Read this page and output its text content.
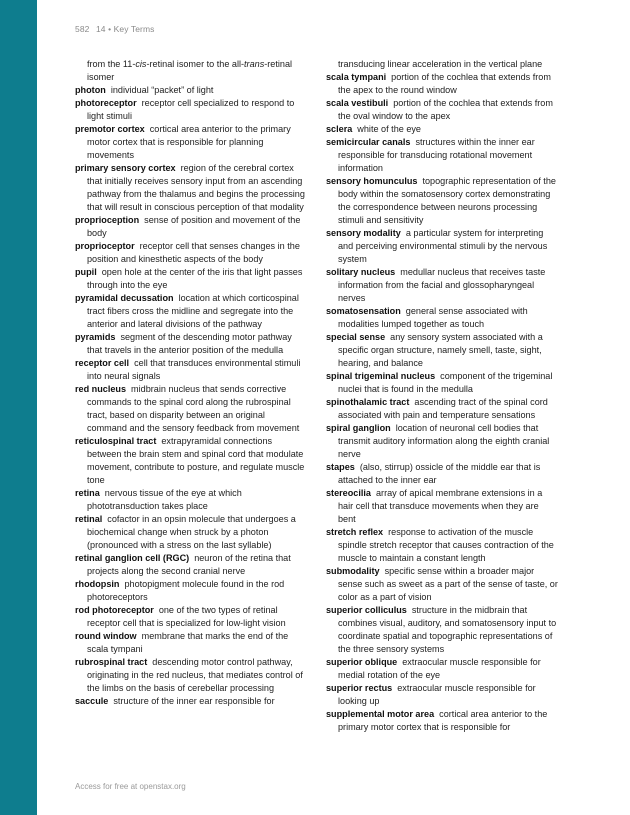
582 14 • Key Terms
from the 11-cis-retinal isomer to the all-trans-retinal isomer
photon individual “packet” of light
photoreceptor receptor cell specialized to respond to light stimuli
premotor cortex cortical area anterior to the primary motor cortex that is responsible for planning movements
primary sensory cortex region of the cerebral cortex that initially receives sensory input from an ascending pathway from the thalamus and begins the processing that will result in conscious perception of that modality
proprioception sense of position and movement of the body
proprioceptor receptor cell that senses changes in the position and kinesthetic aspects of the body
pupil open hole at the center of the iris that light passes through into the eye
pyramidal decussation location at which corticospinal tract fibers cross the midline and segregate into the anterior and lateral divisions of the pathway
pyramids segment of the descending motor pathway that travels in the anterior position of the medulla
receptor cell cell that transduces environmental stimuli into neural signals
red nucleus midbrain nucleus that sends corrective commands to the spinal cord along the rubrospinal tract, based on disparity between an original command and the sensory feedback from movement
reticulospinal tract extrapyramidal connections between the brain stem and spinal cord that modulate movement, contribute to posture, and regulate muscle tone
retina nervous tissue of the eye at which phototransduction takes place
retinal cofactor in an opsin molecule that undergoes a biochemical change when struck by a photon (pronounced with a stress on the last syllable)
retinal ganglion cell (RGC) neuron of the retina that projects along the second cranial nerve
rhodopsin photopigment molecule found in the rod photoreceptors
rod photoreceptor one of the two types of retinal receptor cell that is specialized for low-light vision
round window membrane that marks the end of the scala tympani
rubrospinal tract descending motor control pathway, originating in the red nucleus, that mediates control of the limbs on the basis of cerebellar processing
saccule structure of the inner ear responsible for
transducing linear acceleration in the vertical plane
scala tympani portion of the cochlea that extends from the apex to the round window
scala vestibuli portion of the cochlea that extends from the oval window to the apex
sclera white of the eye
semicircular canals structures within the inner ear responsible for transducing rotational movement information
sensory homunculus topographic representation of the body within the somatosensory cortex demonstrating the correspondence between neurons processing stimuli and sensitivity
sensory modality a particular system for interpreting and perceiving environmental stimuli by the nervous system
solitary nucleus medullar nucleus that receives taste information from the facial and glossopharyngeal nerves
somatosensation general sense associated with modalities lumped together as touch
special sense any sensory system associated with a specific organ structure, namely smell, taste, sight, hearing, and balance
spinal trigeminal nucleus component of the trigeminal nuclei that is found in the medulla
spinothalamic tract ascending tract of the spinal cord associated with pain and temperature sensations
spiral ganglion location of neuronal cell bodies that transmit auditory information along the eighth cranial nerve
stapes (also, stirrup) ossicle of the middle ear that is attached to the inner ear
stereocilia array of apical membrane extensions in a hair cell that transduce movements when they are bent
stretch reflex response to activation of the muscle spindle stretch receptor that causes contraction of the muscle to maintain a constant length
submodality specific sense within a broader major sense such as sweet as a part of the sense of taste, or color as a part of vision
superior colliculus structure in the midbrain that combines visual, auditory, and somatosensory input to coordinate spatial and topographic representations of the three sensory systems
superior oblique extraocular muscle responsible for medial rotation of the eye
superior rectus extraocular muscle responsible for looking up
supplemental motor area cortical area anterior to the primary motor cortex that is responsible for
Access for free at openstax.org
